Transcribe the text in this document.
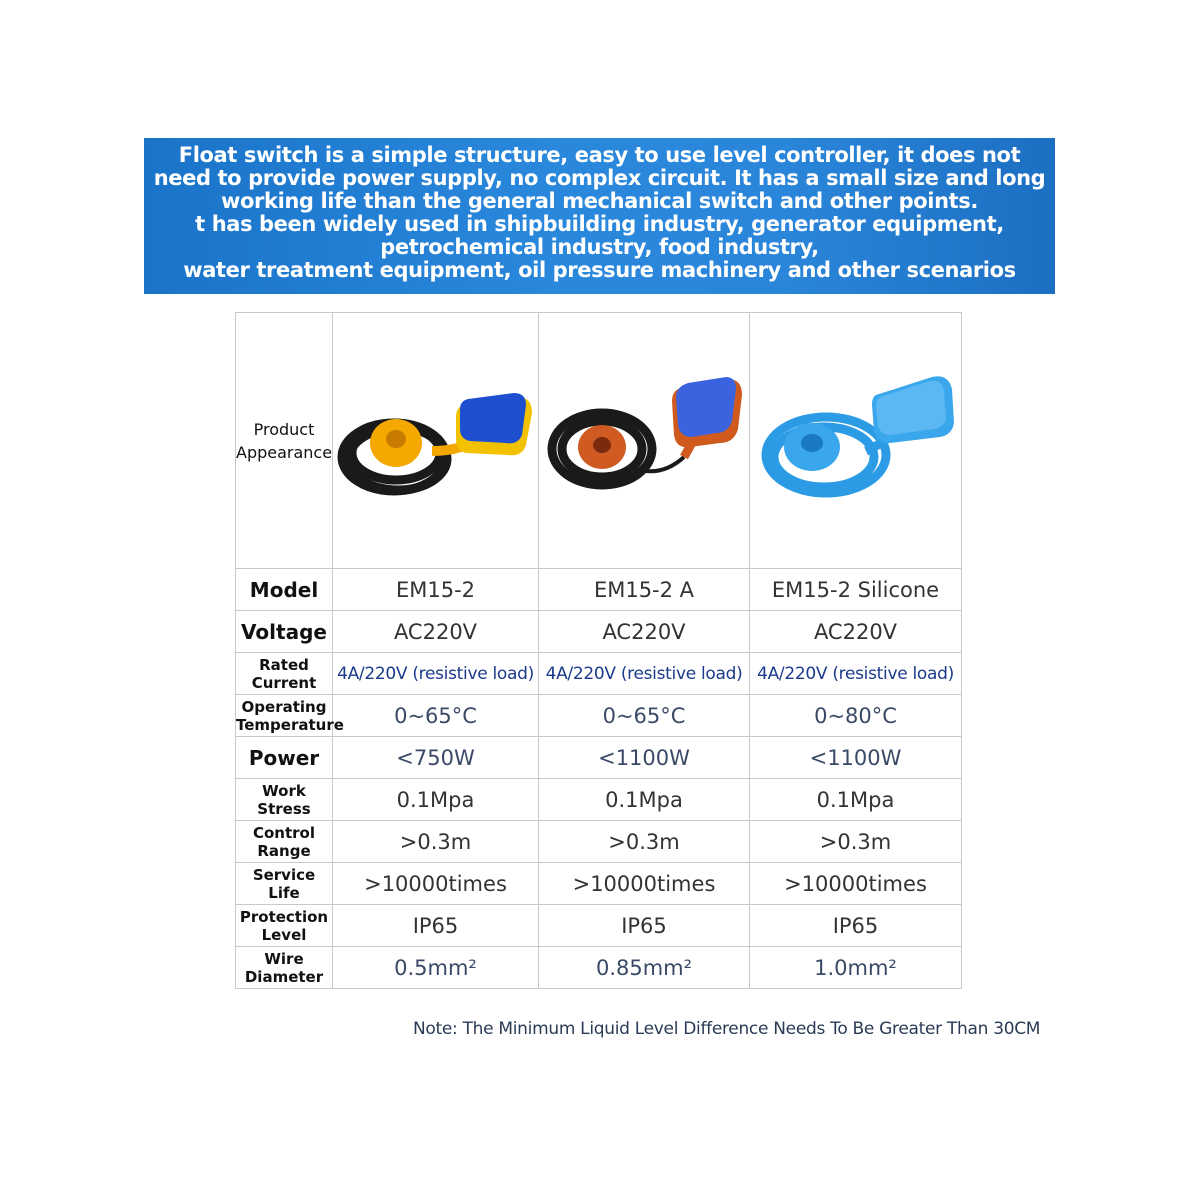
Float switch is a simple structure, easy to use level controller, it does not
need to provide power supply, no complex circuit. It has a small size and long
working life than the general mechanical switch and other points.
t has been widely used in shipbuilding industry, generator equipment,
petrochemical industry, food industry,
water treatment equipment, oil pressure machinery and other scenarios
Product
Appearance

Model	EM15-2	EM15-2 A	EM15-2 Silicone

Voltage	AC220V	AC220V	AC220V

Rated
Current	4A/220V (resistive load)	4A/220V (resistive load)	4A/220V (resistive load)

Operating
Temperature	0~65°C	0~65°C	0~80°C

Power	<750W	<1100W	<1100W

Work
Stress	0.1Mpa	0.1Mpa	0.1Mpa

Control
Range	>0.3m	>0.3m	>0.3m

Service
Life	>10000times	>10000times	>10000times

Protection
Level	IP65	IP65	IP65

Wire
Diameter	0.5mm²	0.85mm²	1.0mm²
Note: The Minimum Liquid Level Difference Needs To Be Greater Than 30CM
